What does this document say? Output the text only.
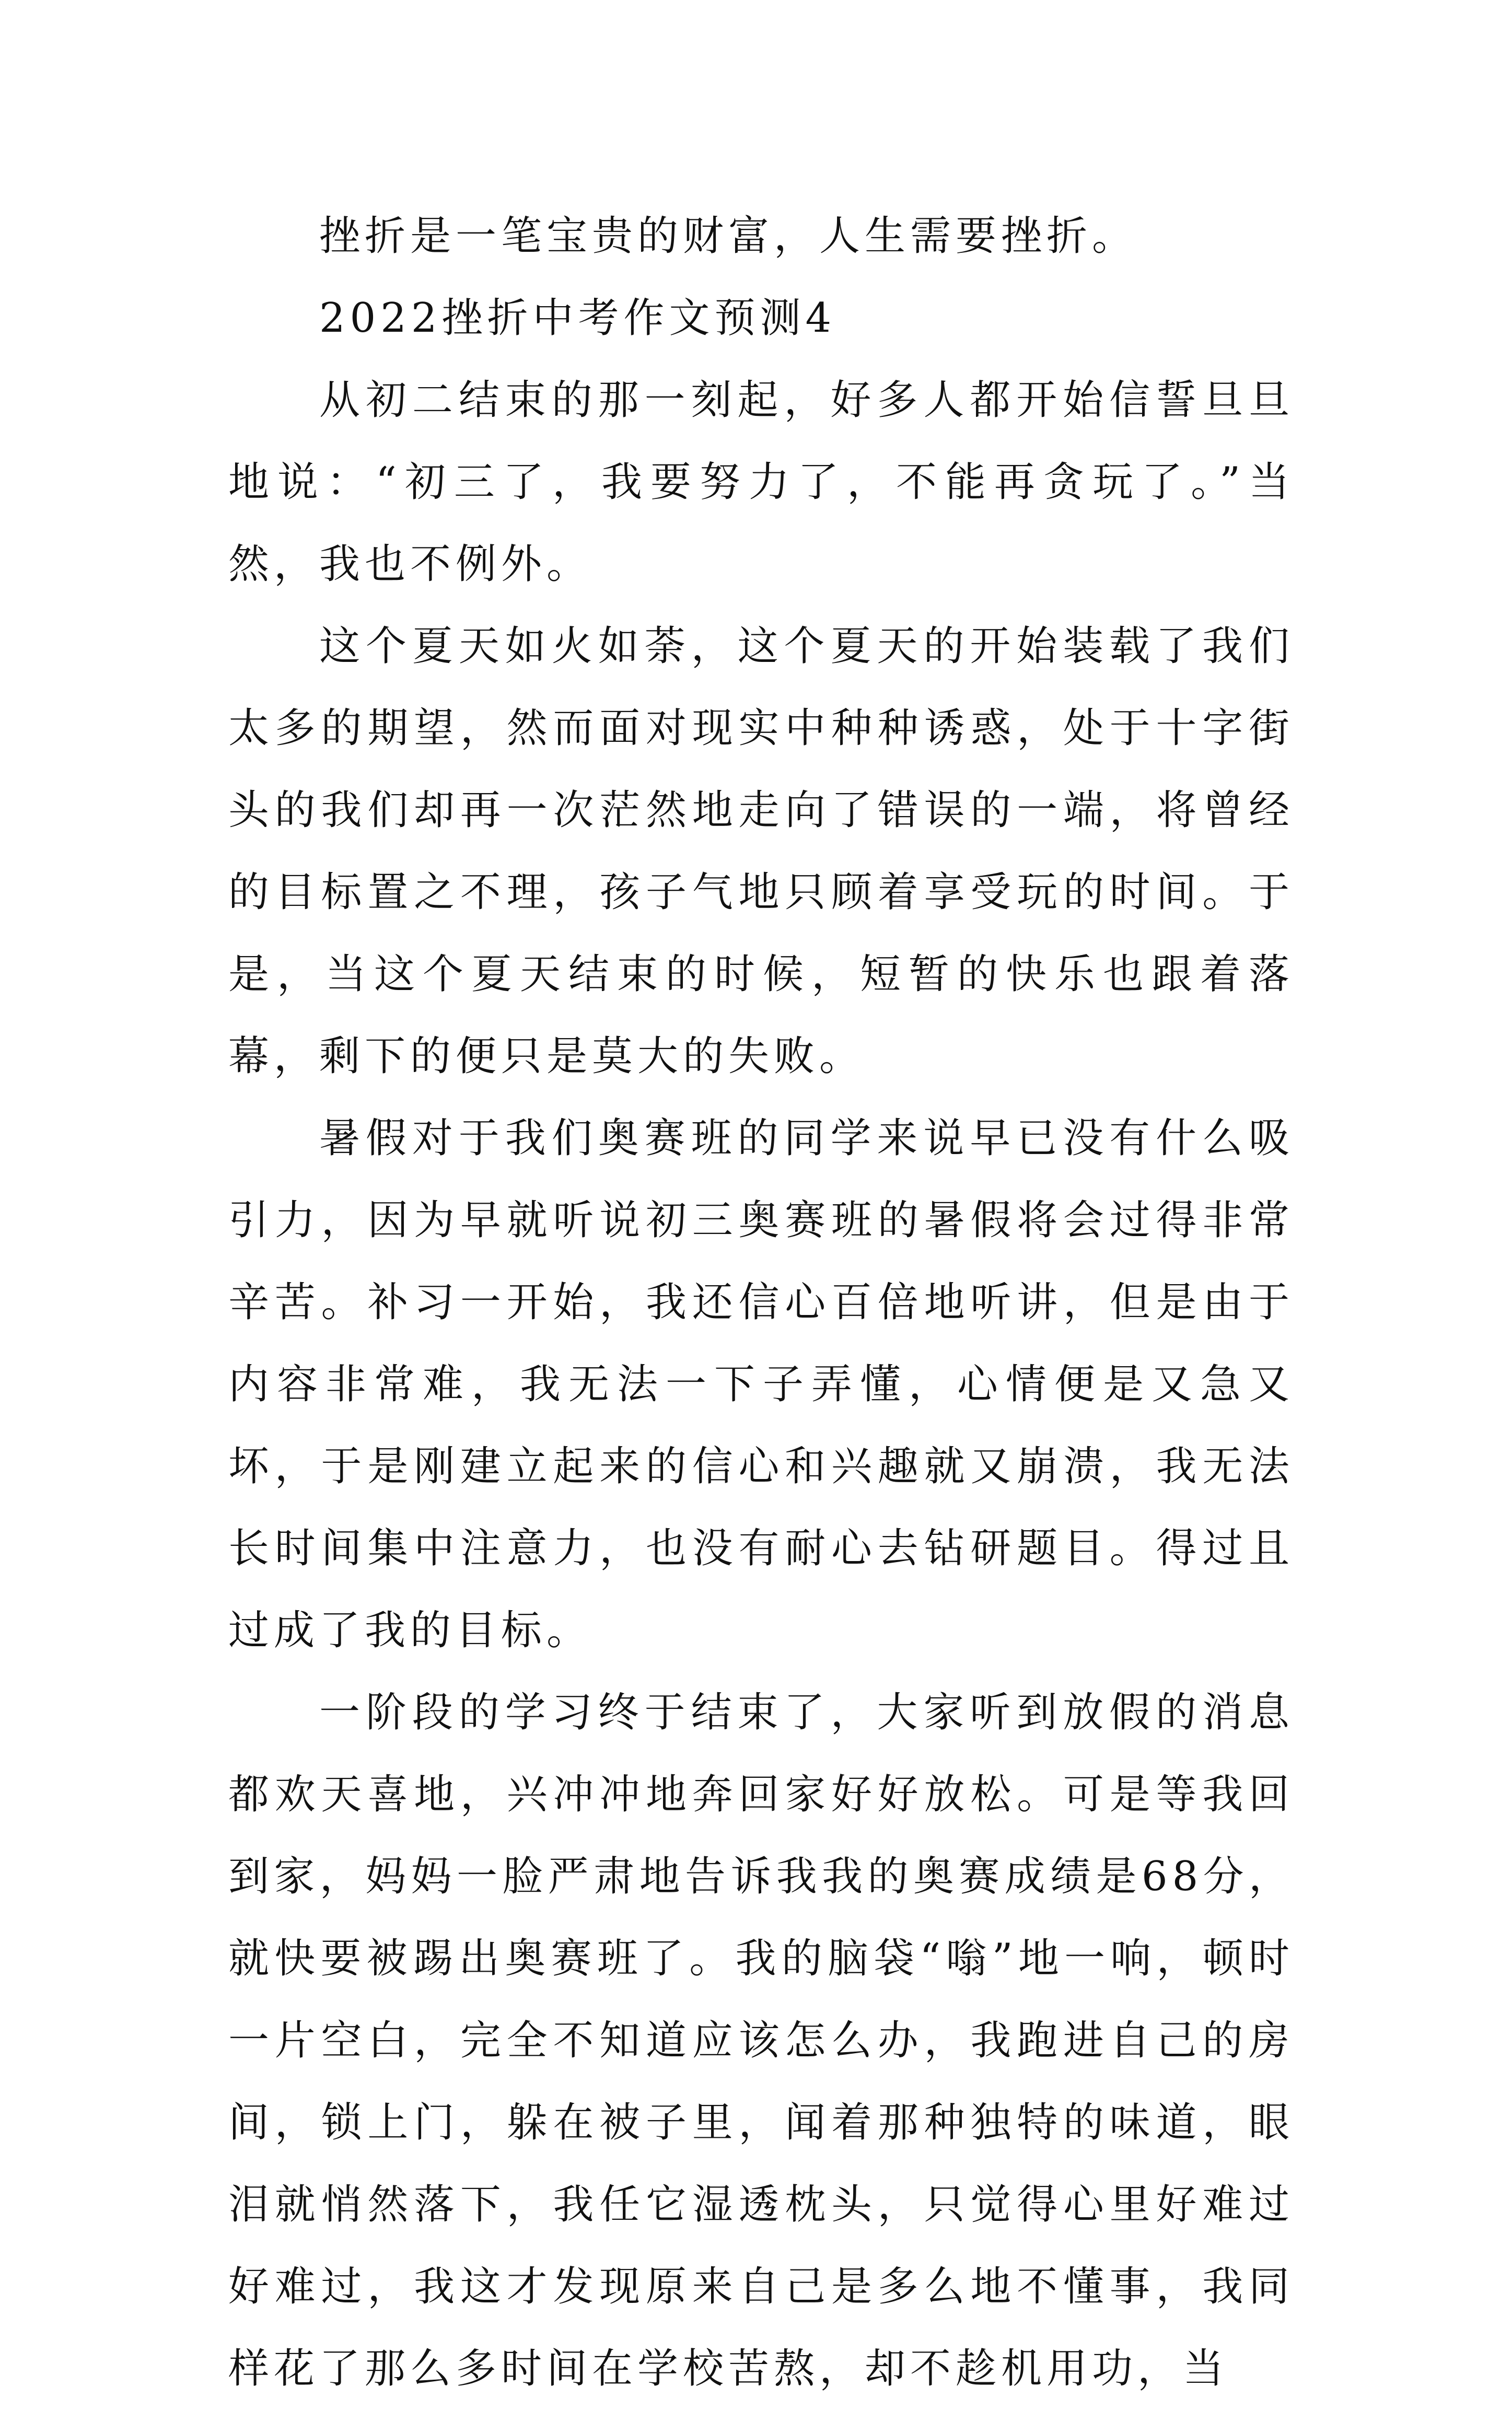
挫折是一笔宝贵的财富，人生需要挫折。

2022挫折中考作文预测4

从初二结束的那一刻起，好多人都开始信誓旦旦地说：“初三了，我要努力了，不能再贪玩了。”当然，我也不例外。

这个夏天如火如荼，这个夏天的开始装载了我们太多的期望，然而面对现实中种种诱惑，处于十字街头的我们却再一次茫然地走向了错误的一端，将曾经的目标置之不理，孩子气地只顾着享受玩的时间。于是，当这个夏天结束的时候，短暂的快乐也跟着落幕，剩下的便只是莫大的失败。

暑假对于我们奥赛班的同学来说早已没有什么吸引力，因为早就听说初三奥赛班的暑假将会过得非常辛苦。补习一开始，我还信心百倍地听讲，但是由于内容非常难，我无法一下子弄懂，心情便是又急又坏，于是刚建立起来的信心和兴趣就又崩溃，我无法长时间集中注意力，也没有耐心去钻研题目。得过且过成了我的目标。

一阶段的学习终于结束了，大家听到放假的消息都欢天喜地，兴冲冲地奔回家好好放松。可是等我回到家，妈妈一脸严肃地告诉我我的奥赛成绩是68分，就快要被踢出奥赛班了。我的脑袋“嗡”地一响，顿时一片空白，完全不知道应该怎么办，我跑进自己的房间，锁上门，躲在被子里，闻着那种独特的味道，眼泪就悄然落下，我任它湿透枕头，只觉得心里好难过好难过，我这才发现原来自己是多么地不懂事，我同样花了那么多时间在学校苦熬，却不趁机用功，当
